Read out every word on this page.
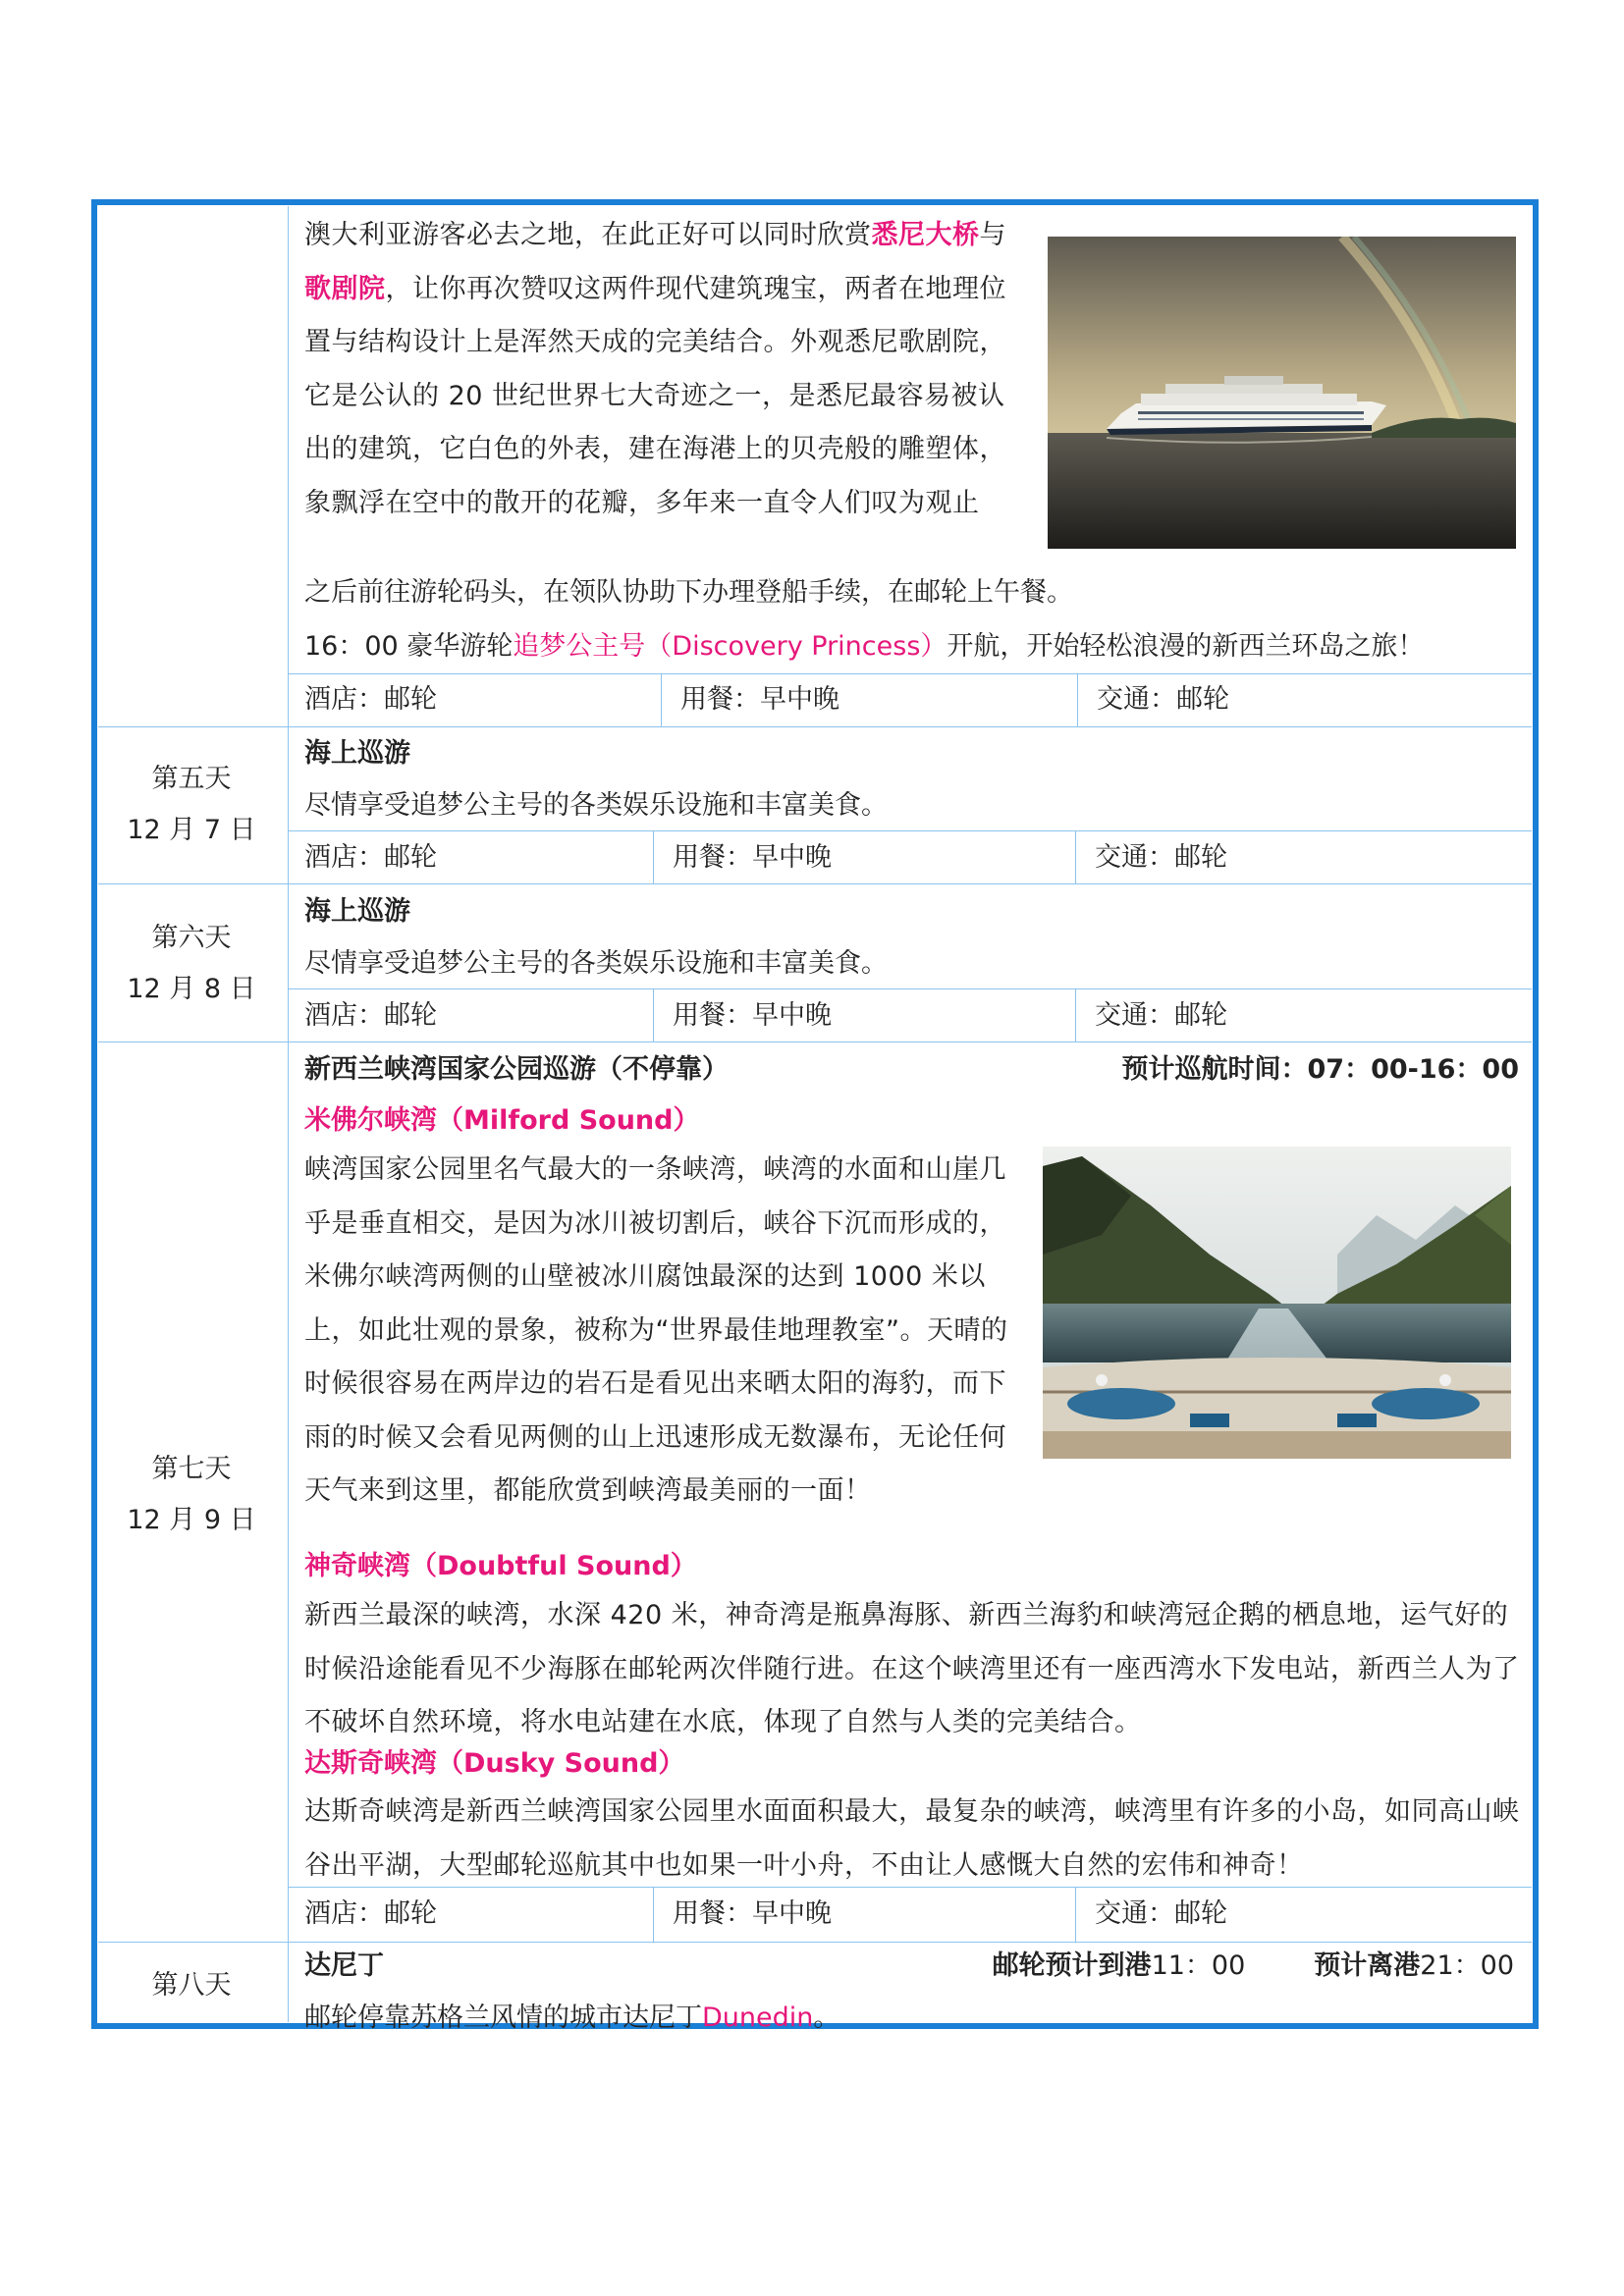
澳大利亚游客必去之地，在此正好可以同时欣赏悉尼大桥与歌剧院，让你再次赞叹这两件现代建筑瑰宝，两者在地理位置与结构设计上是浑然天成的完美结合。外观悉尼歌剧院，它是公认的 20 世纪世界七大奇迹之一，是悉尼最容易被认出的建筑，它白色的外表，建在海港上的贝壳般的雕塑体，象飘浮在空中的散开的花瓣，多年来一直令人们叹为观止
之后前往游轮码头，在领队协助下办理登船手续，在邮轮上午餐。
16：00 豪华游轮追梦公主号（Discovery Princess）开航，开始轻松浪漫的新西兰环岛之旅！
酒店：邮轮	用餐：早中晚	交通：邮轮
第五天
12 月 7 日
海上巡游
尽情享受追梦公主号的各类娱乐设施和丰富美食。
酒店：邮轮	用餐：早中晚	交通：邮轮
第六天
12 月 8 日
海上巡游
尽情享受追梦公主号的各类娱乐设施和丰富美食。
酒店：邮轮	用餐：早中晚	交通：邮轮
第七天
12 月 9 日
新西兰峡湾国家公园巡游（不停靠）	预计巡航时间：07：00-16：00
米佛尔峡湾（Milford Sound）
峡湾国家公园里名气最大的一条峡湾，峡湾的水面和山崖几乎是垂直相交，是因为冰川被切割后，峡谷下沉而形成的，米佛尔峡湾两侧的山壁被冰川腐蚀最深的达到 1000 米以上，如此壮观的景象，被称为“世界最佳地理教室”。天晴的时候很容易在两岸边的岩石是看见出来晒太阳的海豹，而下雨的时候又会看见两侧的山上迅速形成无数瀑布，无论任何天气来到这里，都能欣赏到峡湾最美丽的一面！
神奇峡湾（Doubtful Sound）
新西兰最深的峡湾，水深 420 米，神奇湾是瓶鼻海豚、新西兰海豹和峡湾冠企鹅的栖息地，运气好的时候沿途能看见不少海豚在邮轮两次伴随行进。在这个峡湾里还有一座西湾水下发电站，新西兰人为了不破坏自然环境，将水电站建在水底，体现了自然与人类的完美结合。
达斯奇峡湾（Dusky Sound）
达斯奇峡湾是新西兰峡湾国家公园里水面面积最大，最复杂的峡湾，峡湾里有许多的小岛，如同高山峡谷出平湖，大型邮轮巡航其中也如果一叶小舟，不由让人感慨大自然的宏伟和神奇！
酒店：邮轮	用餐：早中晚	交通：邮轮
第八天
达尼丁	邮轮预计到港11：00	预计离港21：00
邮轮停靠苏格兰风情的城市达尼丁Dunedin。
